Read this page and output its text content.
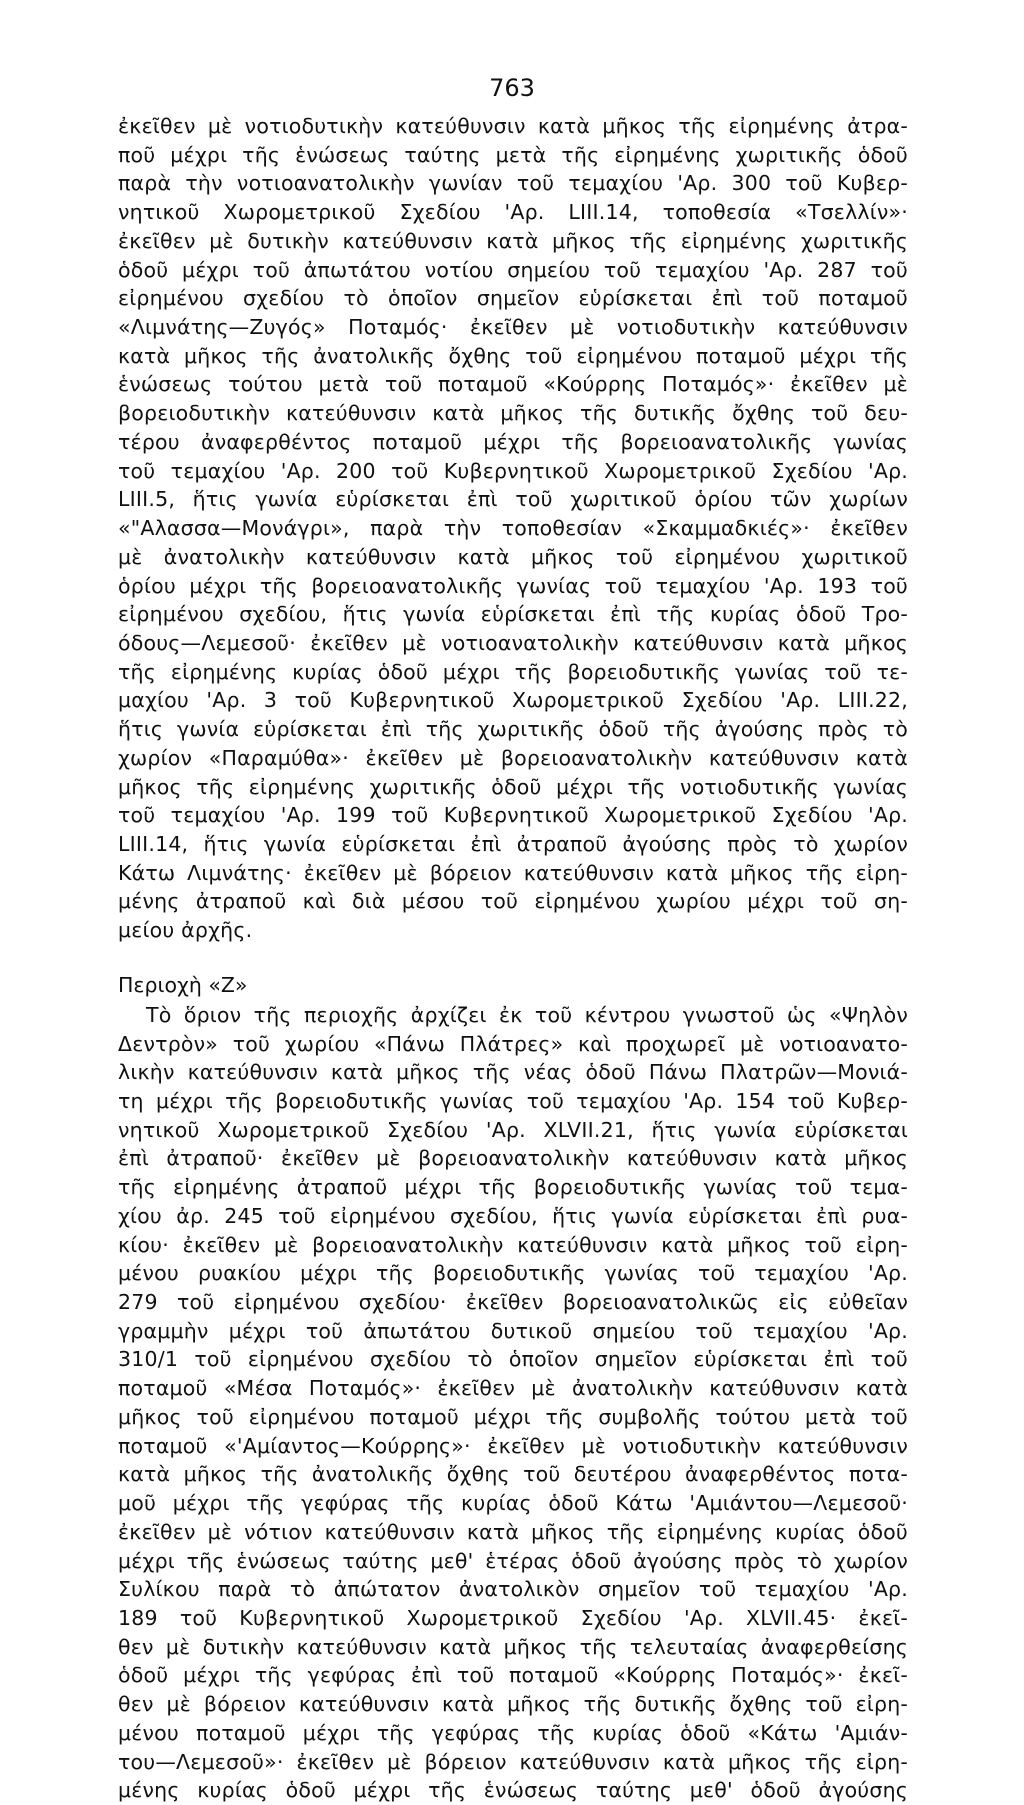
763
ἐκεῖθεν μὲ νοτιοδυτικὴν κατεύθυνσιν κατὰ μῆκος τῆς εἰρημένης ἀτρα-
ποῦ μέχρι τῆς ἑνώσεως ταύτης μετὰ τῆς εἰρημένης χωριτικῆς ὁδοῦ
παρὰ τὴν νοτιοανατολικὴν γωνίαν τοῦ τεμαχίου 'Αρ. 300 τοῦ Κυβερ-
νητικοῦ Χωρομετρικοῦ Σχεδίου 'Αρ. LIII.14, τοποθεσία «Τσελλίν»·
ἐκεῖθεν μὲ δυτικὴν κατεύθυνσιν κατὰ μῆκος τῆς εἰρημένης χωριτικῆς
ὁδοῦ μέχρι τοῦ ἀπωτάτου νοτίου σημείου τοῦ τεμαχίου 'Αρ. 287 τοῦ
εἰρημένου σχεδίου τὸ ὁποῖον σημεῖον εὑρίσκεται ἐπὶ τοῦ ποταμοῦ
«Λιμνάτης—Ζυγός» Ποταμός· ἐκεῖθεν μὲ νοτιοδυτικὴν κατεύθυνσιν
κατὰ μῆκος τῆς ἀνατολικῆς ὄχθης τοῦ εἰρημένου ποταμοῦ μέχρι τῆς
ἑνώσεως τούτου μετὰ τοῦ ποταμοῦ «Κούρρης Ποταμός»· ἐκεῖθεν μὲ
βορειοδυτικὴν κατεύθυνσιν κατὰ μῆκος τῆς δυτικῆς ὄχθης τοῦ δευ-
τέρου ἀναφερθέντος ποταμοῦ μέχρι τῆς βορειοανατολικῆς γωνίας
τοῦ τεμαχίου 'Αρ. 200 τοῦ Κυβερνητικοῦ Χωρομετρικοῦ Σχεδίου 'Αρ.
LIII.5, ἥτις γωνία εὑρίσκεται ἐπὶ τοῦ χωριτικοῦ ὁρίου τῶν χωρίων
«"Αλασσα—Μονάγρι», παρὰ τὴν τοποθεσίαν «Σκαμμαδκιές»· ἐκεῖθεν
μὲ ἀνατολικὴν κατεύθυνσιν κατὰ μῆκος τοῦ εἰρημένου χωριτικοῦ
ὁρίου μέχρι τῆς βορειοανατολικῆς γωνίας τοῦ τεμαχίου 'Αρ. 193 τοῦ
εἰρημένου σχεδίου, ἥτις γωνία εὑρίσκεται ἐπὶ τῆς κυρίας ὁδοῦ Τρο-
όδους—Λεμεσοῦ· ἐκεῖθεν μὲ νοτιοανατολικὴν κατεύθυνσιν κατὰ μῆκος
τῆς εἰρημένης κυρίας ὁδοῦ μέχρι τῆς βορειοδυτικῆς γωνίας τοῦ τε-
μαχίου 'Αρ. 3 τοῦ Κυβερνητικοῦ Χωρομετρικοῦ Σχεδίου 'Αρ. LIII.22,
ἥτις γωνία εὑρίσκεται ἐπὶ τῆς χωριτικῆς ὁδοῦ τῆς ἀγούσης πρὸς τὸ
χωρίον «Παραμύθα»· ἐκεῖθεν μὲ βορειοανατολικὴν κατεύθυνσιν κατὰ
μῆκος τῆς εἰρημένης χωριτικῆς ὁδοῦ μέχρι τῆς νοτιοδυτικῆς γωνίας
τοῦ τεμαχίου 'Αρ. 199 τοῦ Κυβερνητικοῦ Χωρομετρικοῦ Σχεδίου 'Αρ.
LIII.14, ἥτις γωνία εὑρίσκεται ἐπὶ ἀτραποῦ ἀγούσης πρὸς τὸ χωρίον
Κάτω Λιμνάτης· ἐκεῖθεν μὲ βόρειον κατεύθυνσιν κατὰ μῆκος τῆς εἰρη-
μένης ἀτραποῦ καὶ διὰ μέσου τοῦ εἰρημένου χωρίου μέχρι τοῦ ση-
μείου ἀρχῆς.
Περιοχὴ «Ζ»
Τὸ ὅριον τῆς περιοχῆς ἀρχίζει ἐκ τοῦ κέντρου γνωστοῦ ὡς «Ψηλὸν
Δεντρὸν» τοῦ χωρίου «Πάνω Πλάτρες» καὶ προχωρεῖ μὲ νοτιοανατο-
λικὴν κατεύθυνσιν κατὰ μῆκος τῆς νέας ὁδοῦ Πάνω Πλατρῶν—Μονιά-
τη μέχρι τῆς βορειοδυτικῆς γωνίας τοῦ τεμαχίου 'Αρ. 154 τοῦ Κυβερ-
νητικοῦ Χωρομετρικοῦ Σχεδίου 'Αρ. XLVII.21, ἥτις γωνία εὑρίσκεται
ἐπὶ ἀτραποῦ· ἐκεῖθεν μὲ βορειοανατολικὴν κατεύθυνσιν κατὰ μῆκος
τῆς εἰρημένης ἀτραποῦ μέχρι τῆς βορειοδυτικῆς γωνίας τοῦ τεμα-
χίου ἀρ. 245 τοῦ εἰρημένου σχεδίου, ἥτις γωνία εὑρίσκεται ἐπὶ ρυα-
κίου· ἐκεῖθεν μὲ βορειοανατολικὴν κατεύθυνσιν κατὰ μῆκος τοῦ εἰρη-
μένου ρυακίου μέχρι τῆς βορειοδυτικῆς γωνίας τοῦ τεμαχίου 'Αρ.
279 τοῦ εἰρημένου σχεδίου· ἐκεῖθεν βορειοανατολικῶς εἰς εὐθεῖαν
γραμμὴν μέχρι τοῦ ἀπωτάτου δυτικοῦ σημείου τοῦ τεμαχίου 'Αρ.
310/1 τοῦ εἰρημένου σχεδίου τὸ ὁποῖον σημεῖον εὑρίσκεται ἐπὶ τοῦ
ποταμοῦ «Μέσα Ποταμός»· ἐκεῖθεν μὲ ἀνατολικὴν κατεύθυνσιν κατὰ
μῆκος τοῦ εἰρημένου ποταμοῦ μέχρι τῆς συμβολῆς τούτου μετὰ τοῦ
ποταμοῦ «'Αμίαντος—Κούρρης»· ἐκεῖθεν μὲ νοτιοδυτικὴν κατεύθυνσιν
κατὰ μῆκος τῆς ἀνατολικῆς ὄχθης τοῦ δευτέρου ἀναφερθέντος ποτα-
μοῦ μέχρι τῆς γεφύρας τῆς κυρίας ὁδοῦ Κάτω 'Αμιάντου—Λεμεσοῦ·
ἐκεῖθεν μὲ νότιον κατεύθυνσιν κατὰ μῆκος τῆς εἰρημένης κυρίας ὁδοῦ
μέχρι τῆς ἑνώσεως ταύτης μεθ' ἑτέρας ὁδοῦ ἀγούσης πρὸς τὸ χωρίον
Συλίκου παρὰ τὸ ἀπώτατον ἀνατολικὸν σημεῖον τοῦ τεμαχίου 'Αρ.
189 τοῦ Κυβερνητικοῦ Χωρομετρικοῦ Σχεδίου 'Αρ. XLVII.45· ἐκεῖ-
θεν μὲ δυτικὴν κατεύθυνσιν κατὰ μῆκος τῆς τελευταίας ἀναφερθείσης
ὁδοῦ μέχρι τῆς γεφύρας ἐπὶ τοῦ ποταμοῦ «Κούρρης Ποταμός»· ἐκεῖ-
θεν μὲ βόρειον κατεύθυνσιν κατὰ μῆκος τῆς δυτικῆς ὄχθης τοῦ εἰρη-
μένου ποταμοῦ μέχρι τῆς γεφύρας τῆς κυρίας ὁδοῦ «Κάτω 'Αμιάν-
του—Λεμεσοῦ»· ἐκεῖθεν μὲ βόρειον κατεύθυνσιν κατὰ μῆκος τῆς εἰρη-
μένης κυρίας ὁδοῦ μέχρι τῆς ἑνώσεως ταύτης μεθ' ὁδοῦ ἀγούσης
